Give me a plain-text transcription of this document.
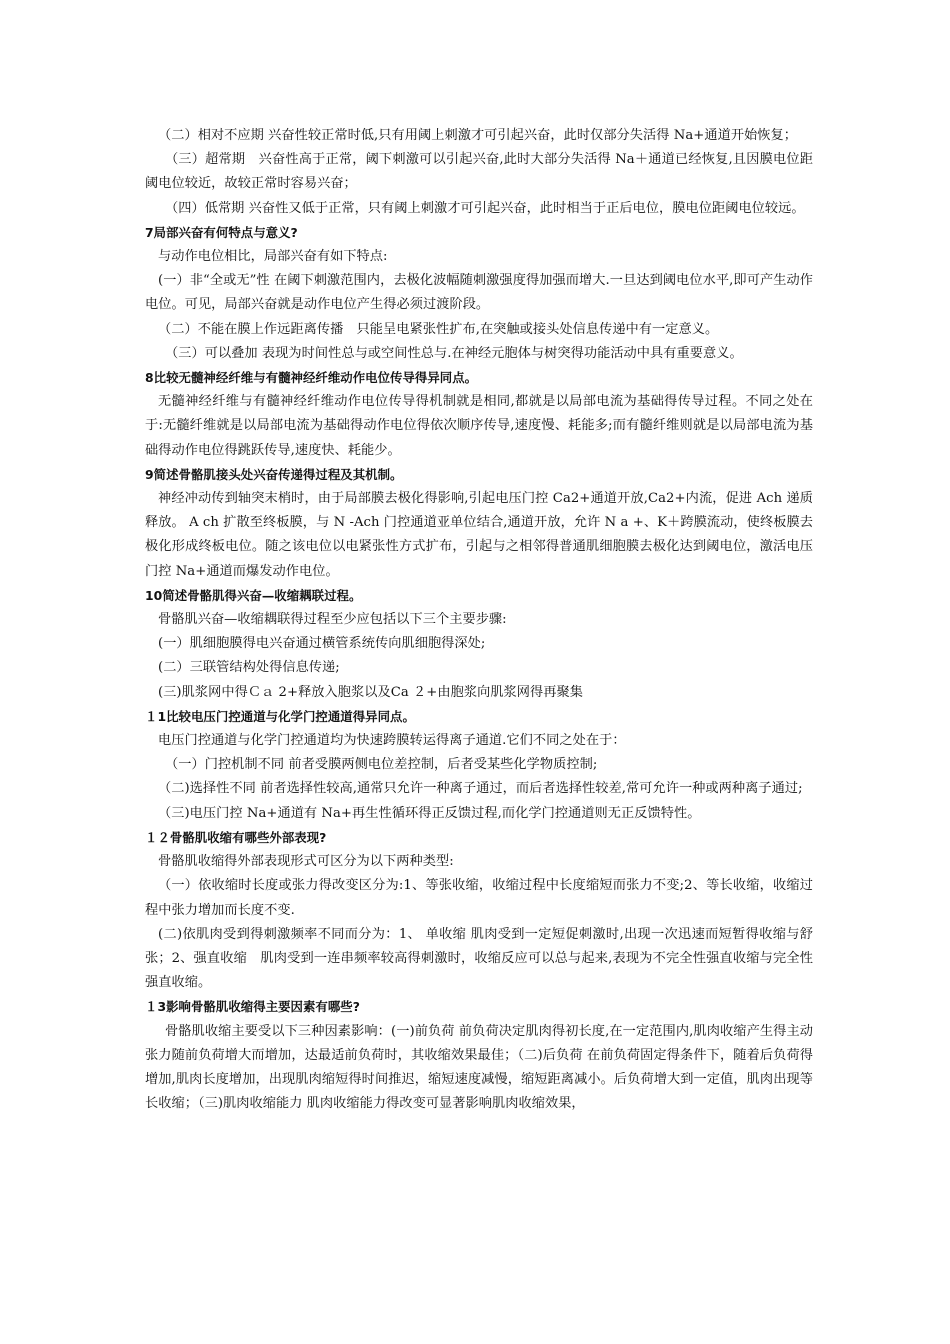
（二）相对不应期 兴奋性较正常时低,只有用阈上刺激才可引起兴奋，此时仅部分失活得 Na+通道开始恢复；

（三）超常期　兴奋性高于正常，阈下刺激可以引起兴奋,此时大部分失活得 Na＋通道已经恢复,且因膜电位距阈电位较近，故较正常时容易兴奋；

（四）低常期 兴奋性又低于正常，只有阈上刺激才可引起兴奋，此时相当于正后电位，膜电位距阈电位较远。

7局部兴奋有何特点与意义?

与动作电位相比，局部兴奋有如下特点:

(一）非“全或无”性 在阈下刺激范围内，去极化波幅随刺激强度得加强而增大.一旦达到阈电位水平,即可产生动作电位。可见，局部兴奋就是动作电位产生得必须过渡阶段。

（二）不能在膜上作远距离传播　只能呈电紧张性扩布,在突触或接头处信息传递中有一定意义。

（三）可以叠加 表现为时间性总与或空间性总与.在神经元胞体与树突得功能活动中具有重要意义。

8比较无髓神经纤维与有髓神经纤维动作电位传导得异同点。

无髓神经纤维与有髓神经纤维动作电位传导得机制就是相同,都就是以局部电流为基础得传导过程。不同之处在于:无髓纤维就是以局部电流为基础得动作电位得依次顺序传导,速度慢、耗能多;而有髓纤维则就是以局部电流为基础得动作电位得跳跃传导,速度快、耗能少。

9简述骨骼肌接头处兴奋传递得过程及其机制。

神经冲动传到轴突末梢时，由于局部膜去极化得影响,引起电压门控 Ca2+通道开放,Ca2+内流，促进 Ach 递质释放。 A ch 扩散至终板膜，与 N -Ach 门控通道亚单位结合,通道开放，允许 N a +、K＋跨膜流动，使终板膜去极化形成终板电位。随之该电位以电紧张性方式扩布，引起与之相邻得普通肌细胞膜去极化达到阈电位，激活电压门控 Na+通道而爆发动作电位。

10简述骨骼肌得兴奋—收缩耦联过程。

骨骼肌兴奋—收缩耦联得过程至少应包括以下三个主要步骤:

(一）肌细胞膜得电兴奋通过横管系统传向肌细胞得深处;

(二）三联管结构处得信息传递;

(三)肌浆网中得Ｃａ 2+释放入胞浆以及Ca ２+由胞浆向肌浆网得再聚集

１1比较电压门控通道与化学门控通道得异同点。

电压门控通道与化学门控通道均为快速跨膜转运得离子通道.它们不同之处在于：

（一）门控机制不同 前者受膜两侧电位差控制，后者受某些化学物质控制;

（二)选择性不同 前者选择性较高,通常只允许一种离子通过，而后者选择性较差,常可允许一种或两种离子通过;

（三)电压门控 Na+通道有 Na+再生性循环得正反馈过程,而化学门控通道则无正反馈特性。

１２骨骼肌收缩有哪些外部表现?

骨骼肌收缩得外部表现形式可区分为以下两种类型:

（一）依收缩时长度或张力得改变区分为:1、等张收缩，收缩过程中长度缩短而张力不变;2、等长收缩，收缩过程中张力增加而长度不变.

(二)依肌肉受到得刺激频率不同而分为：1、 单收缩 肌肉受到一定短促刺激时,出现一次迅速而短暂得收缩与舒张；2、强直收缩　肌肉受到一连串频率较高得刺激时，收缩反应可以总与起来,表现为不完全性强直收缩与完全性强直收缩。

１3影响骨骼肌收缩得主要因素有哪些?

骨骼肌收缩主要受以下三种因素影响：(一)前负荷 前负荷决定肌肉得初长度,在一定范围内,肌肉收缩产生得主动张力随前负荷增大而增加，达最适前负荷时，其收缩效果最佳；（二)后负荷 在前负荷固定得条件下，随着后负荷得增加,肌肉长度增加，出现肌肉缩短得时间推迟，缩短速度减慢，缩短距离减小。后负荷增大到一定值，肌肉出现等长收缩；（三)肌肉收缩能力 肌肉收缩能力得改变可显著影响肌肉收缩效果，
